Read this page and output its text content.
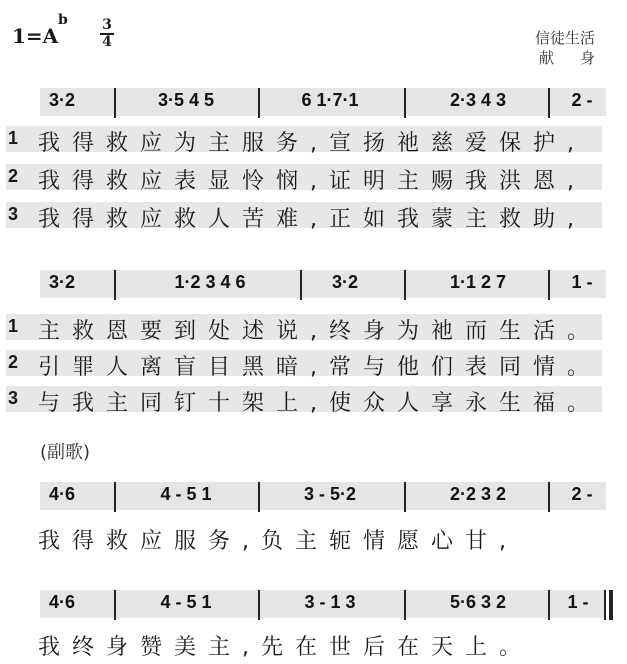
1=A
b $\frac{3}{4}$	信徒生活
献身
3·2	3·5 4 5	6 1·7·1	2·3 4 3	2 -
1 我得救应为主服务,宣扬祂慈爱保护,
2 我得救应表显怜悯,证明主赐我洪恩,
3 我得救应救人苦难,正如我蒙主救助,
3·2	1·2 3 4 6	3·2	1·1 2 7	1 -
1 主救恩要到处述说,终身为祂而生活。
2 引罪人离盲目黑暗,常与他们表同情。
3 与我主同钉十架上,使众人享永生福。
(副歌)
4·6	4 - 5 1	3 - 5·2	2·2 3 2	2 -
我得救应服务,负主轭情愿心甘,
4·6	4 - 5 1	3 - 1 3	5·6 3 2	1 -
我终身赞美主,先在世后在天上。
